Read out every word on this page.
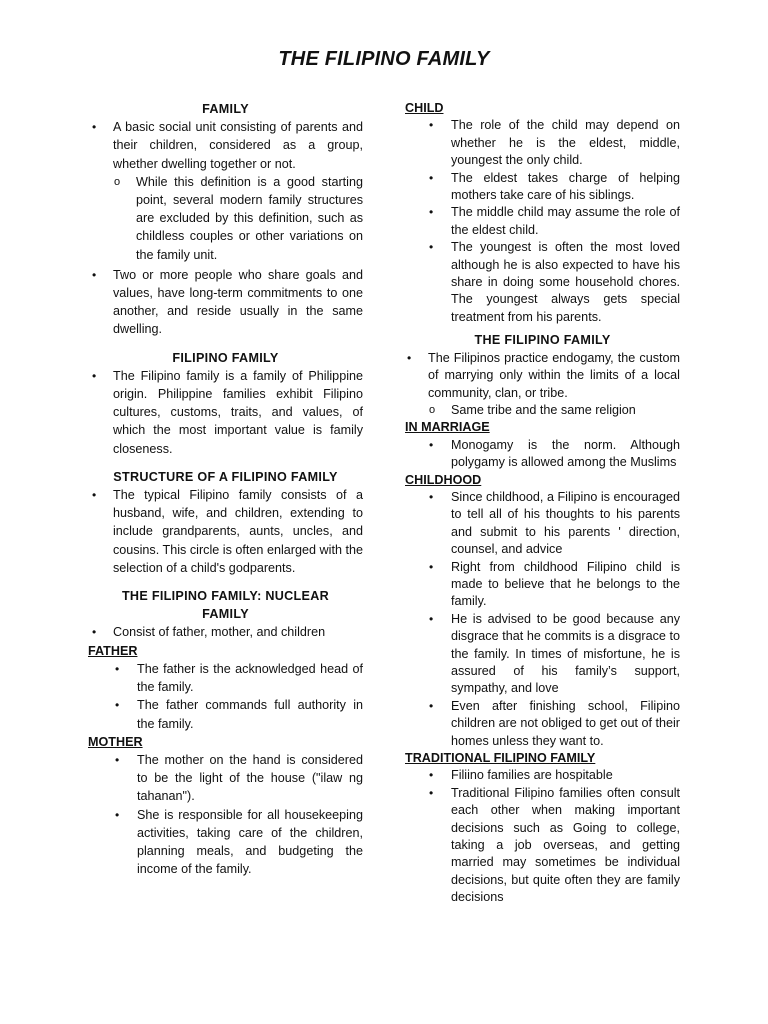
THE FILIPINO FAMILY
FAMILY
• A basic social unit consisting of parents and their children, considered as a group, whether dwelling together or not.
o While this definition is a good starting point, several modern family structures are excluded by this definition, such as childless couples or other variations on the family unit.
• Two or more people who share goals and values, have long-term commitments to one another, and reside usually in the same dwelling.
FILIPINO FAMILY
• The Filipino family is a family of Philippine origin. Philippine families exhibit Filipino cultures, customs, traits, and values, of which the most important value is family closeness.
STRUCTURE OF A FILIPINO FAMILY
• The typical Filipino family consists of a husband, wife, and children, extending to include grandparents, aunts, uncles, and cousins. This circle is often enlarged with the selection of a child's godparents.
THE FILIPINO FAMILY: NUCLEAR FAMILY
• Consist of father, mother, and children
FATHER
• The father is the acknowledged head of the family.
• The father commands full authority in the family.
MOTHER
• The mother on the hand is considered to be the light of the house ("ilaw ng tahanan").
• She is responsible for all housekeeping activities, taking care of the children, planning meals, and budgeting the income of the family.
CHILD
• The role of the child may depend on whether he is the eldest, middle, youngest the only child.
• The eldest takes charge of helping mothers take care of his siblings.
• The middle child may assume the role of the eldest child.
• The youngest is often the most loved although he is also expected to have his share in doing some household chores. The youngest always gets special treatment from his parents.
THE FILIPINO FAMILY
• The Filipinos practice endogamy, the custom of marrying only within the limits of a local community, clan, or tribe.
o Same tribe and the same religion
IN MARRIAGE
• Monogamy is the norm. Although polygamy is allowed among the Muslims
CHILDHOOD
• Since childhood, a Filipino is encouraged to tell all of his thoughts to his parents and submit to his parents ' direction, counsel, and advice
• Right from childhood Filipino child is made to believe that he belongs to the family.
• He is advised to be good because any disgrace that he commits is a disgrace to the family. In times of misfortune, he is assured of his family’s support, sympathy, and love
• Even after finishing school, Filipino children are not obliged to get out of their homes unless they want to.
TRADITIONAL FILIPINO FAMILY
• Filiino families are hospitable
• Traditional Filipino families often consult each other when making important decisions such as Going to college, taking a job overseas, and getting married may sometimes be individual decisions, but quite often they are family decisions
